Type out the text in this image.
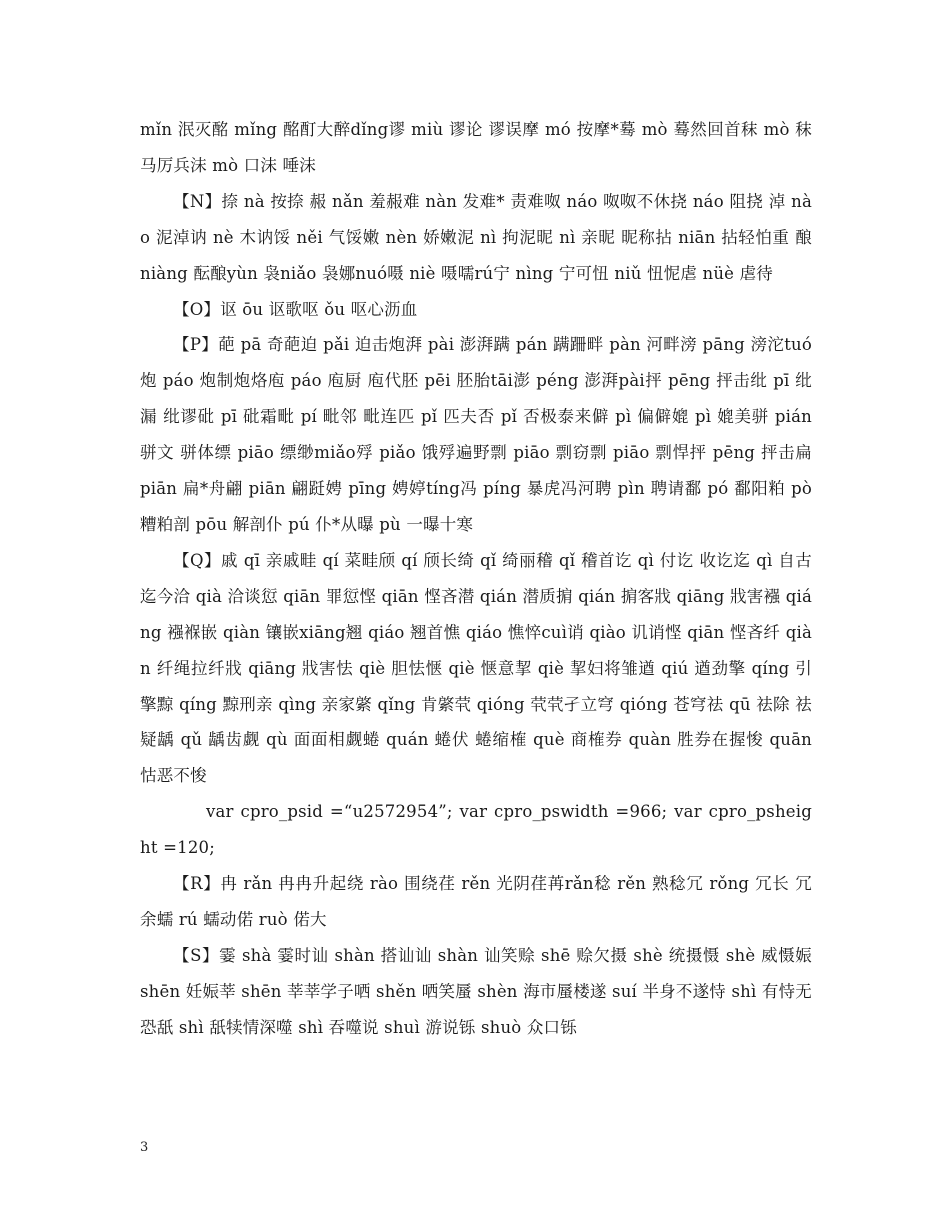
mǐn 泯灭酩 mǐng 酩酊大醉dǐng谬 miù 谬论 谬误摩 mó 按摩*蓦 mò 蓦然回首秣 mò 秣马厉兵沫 mò 口沫 唾沫

【N】捺 nà 按捺 赧 nǎn 羞赧难 nàn 发难* 责难呶 náo 呶呶不休挠 náo 阻挠 淖 nào 泥淖讷 nè 木讷馁 něi 气馁嫩 nèn 娇嫩泥 nì 拘泥昵 nì 亲昵 昵称拈 niān 拈轻怕重 酿 niàng 酝酿yùn 袅niǎo 袅娜nuó嗫 niè 嗫嚅rú宁 nìng 宁可忸 niǔ 忸怩虐 nüè 虐待

【O】讴 ōu 讴歌呕 ǒu 呕心沥血

【P】葩 pā 奇葩迫 pǎi 迫击炮湃 pài 澎湃蹒 pán 蹒跚畔 pàn 河畔滂 pāng 滂沱tuó炮 páo 炮制炮烙庖 páo 庖厨 庖代胚 pēi 胚胎tāi澎 péng 澎湃pài抨 pēng 抨击纰 pī 纰漏 纰谬砒 pī 砒霜毗 pí 毗邻 毗连匹 pǐ 匹夫否 pǐ 否极泰来僻 pì 偏僻媲 pì 媲美骈 pián 骈文 骈体缥 piāo 缥缈miǎo殍 piǎo 饿殍遍野剽 piāo 剽窃剽 piāo 剽悍抨 pēng 抨击扁 piān 扁*舟翩 piān 翩跹娉 pīng 娉婷tíng冯 píng 暴虎冯河聘 pìn 聘请鄱 pó 鄱阳粕 pò 糟粕剖 pōu 解剖仆 pú 仆*从曝 pù 一曝十寒

【Q】戚 qī 亲戚畦 qí 菜畦颀 qí 颀长绮 qǐ 绮丽稽 qǐ 稽首讫 qì 付讫 收讫迄 qì 自古迄今洽 qià 洽谈愆 qiān 罪愆悭 qiān 悭吝潜 qián 潜质掮 qián 掮客戕 qiāng 戕害襁 qiáng 襁褓嵌 qiàn 镶嵌xiāng翘 qiáo 翘首憔 qiáo 憔悴cuì诮 qiào 讥诮悭 qiān 悭吝纤 qiàn 纤绳拉纤戕 qiāng 戕害怯 qiè 胆怯惬 qiè 惬意挈 qiè 挈妇将雏遒 qiú 遒劲擎 qíng 引擎黥 qíng 黥刑亲 qìng 亲家綮 qǐng 肯綮茕 qióng 茕茕孑立穹 qióng 苍穹祛 qū 祛除 祛疑龋 qǔ 龋齿觑 qù 面面相觑蜷 quán 蜷伏 蜷缩榷 què 商榷券 quàn 胜券在握悛 quān 怙恶不悛

var cpro_psid =“u2572954”; var cpro_pswidth =966; var cpro_psheight =120;

【R】冉 rǎn 冉冉升起绕 rào 围绕荏 rěn 光阴荏苒rǎn稔 rěn 熟稔冗 rǒng 冗长 冗余蠕 rú 蠕动偌 ruò 偌大

【S】霎 shà 霎时讪 shàn 搭讪讪 shàn 讪笑赊 shē 赊欠摄 shè 统摄慑 shè 威慑娠 shēn 妊娠莘 shēn 莘莘学子哂 shěn 哂笑蜃 shèn 海市蜃楼遂 suí 半身不遂恃 shì 有恃无恐舐 shì 舐犊情深噬 shì 吞噬说 shuì 游说铄 shuò 众口铄

3
